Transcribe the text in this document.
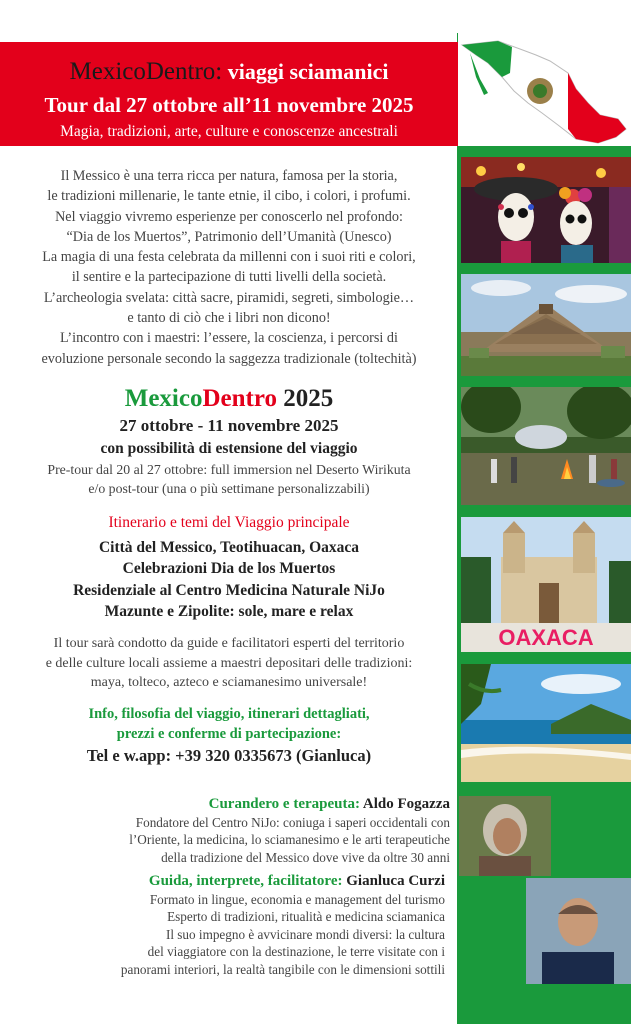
MexicoDentro: viaggi sciamanici
Tour dal 27 ottobre all’11 novembre 2025
Magia, tradizioni, arte, culture e conoscenze ancestrali
Il Messico è una terra ricca per natura, famosa per la storia,
le tradizioni millenarie, le tante etnie, il cibo, i colori, i profumi.
Nel viaggio vivremo esperienze per conoscerlo nel profondo:
“Dia de los Muertos”, Patrimonio dell’Umanità (Unesco)
La magia di una festa celebrata da millenni con i suoi riti e colori,
il sentire e la partecipazione di tutti livelli della società.
L’archeologia svelata: città sacre, piramidi, segreti, simbologie…
e tanto di ciò che i libri non dicono!
L’incontro con i maestri: l’essere, la coscienza, i percorsi di
evoluzione personale secondo la saggezza tradizionale (toltechità)
MexicoDentro 2025
27 ottobre - 11 novembre 2025
con possibilità di estensione del viaggio
Pre-tour dal 20 al 27 ottobre: full immersion nel Deserto Wirikuta
e/o post-tour (una o più settimane personalizzabili)
Itinerario e temi del Viaggio principale
Città del Messico, Teotihuacan, Oaxaca
Celebrazioni Dia de los Muertos
Residenziale al Centro Medicina Naturale NiJo
Mazunte e Zipolite: sole, mare e relax
Il tour sarà condotto da guide e facilitatori esperti del territorio
e delle culture locali assieme a maestri depositari delle tradizioni:
maya, tolteco, azteco e sciamanesimo universale!
Info, filosofia del viaggio, itinerari dettagliati,
prezzi e conferme di partecipazione:
Tel e w.app: +39 320 0335673 (Gianluca)
Curandero e terapeuta: Aldo Fogazza
Fondatore del Centro NiJo: coniuga i saperi occidentali con
l’Oriente, la medicina, lo sciamanesimo e le arti terapeutiche
della tradizione del Messico dove vive da oltre 30 anni
Guida, interprete, facilitatore: Gianluca Curzi
Formato in lingue, economia e management del turismo
Esperto di tradizioni, ritualità e medicina sciamanica
Il suo impegno è avvicinare mondi diversi: la cultura
del viaggiatore con la destinazione, le terre visitate con i
panorami interiori, la realtà tangibile con le dimensioni sottili
OAXACA
